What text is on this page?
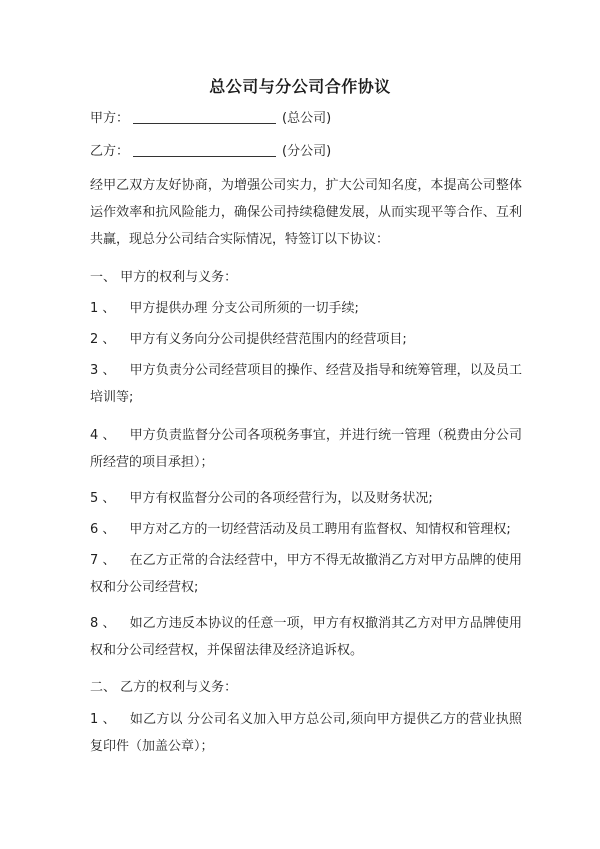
总公司与分公司合作协议
甲方：	(总公司)
乙方：	(分公司)
经甲乙双方友好协商，为增强公司实力，扩大公司知名度，本提高公司整体运作效率和抗风险能力，确保公司持续稳健发展，从而实现平等合作、互利共赢，现总分公司结合实际情况，特签订以下协议：
一、 甲方的权利与义务：
1 、 甲方提供办理 分支公司所须的一切手续;
2 、 甲方有义务向分公司提供经营范围内的经营项目;
3 、 甲方负责分公司经营项目的操作、经营及指导和统筹管理，以及员工培训等;
4 、 甲方负责监督分公司各项税务事宜，并进行统一管理（税费由分公司所经营的项目承担）；
5 、 甲方有权监督分公司的各项经营行为，以及财务状况;
6 、 甲方对乙方的一切经营活动及员工聘用有监督权、知情权和管理权;
7 、 在乙方正常的合法经营中，甲方不得无故撤消乙方对甲方品牌的使用权和分公司经营权;
8 、 如乙方违反本协议的任意一项，甲方有权撤消其乙方对甲方品牌使用权和分公司经营权，并保留法律及经济追诉权。
二、 乙方的权利与义务：
1 、 如乙方以 分公司名义加入甲方总公司,须向甲方提供乙方的营业执照复印件（加盖公章）；
